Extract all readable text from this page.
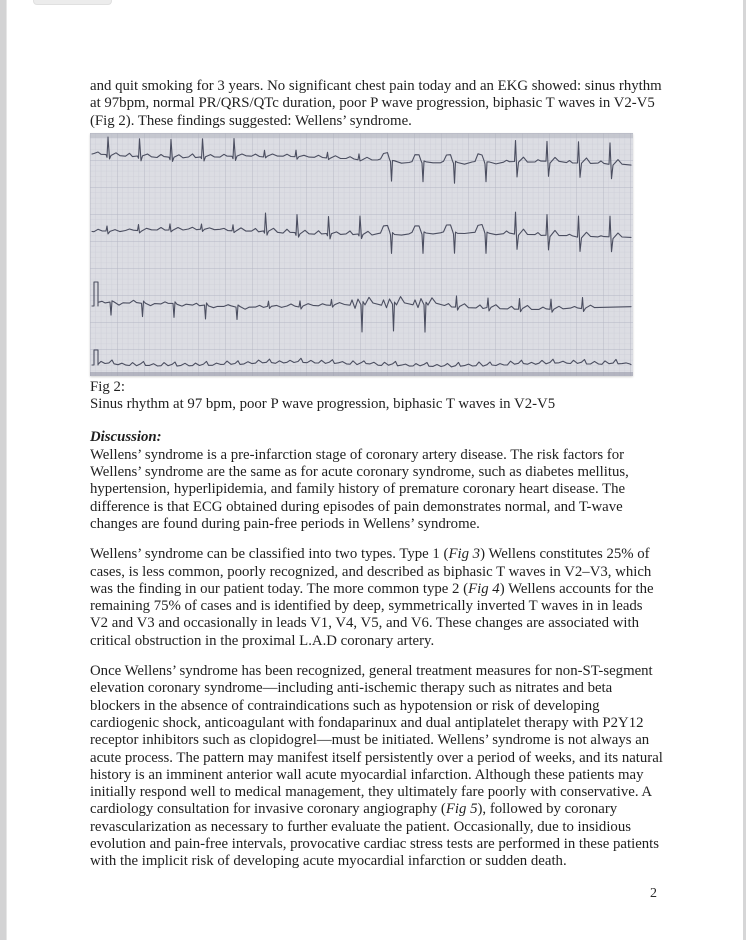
and quit smoking for 3 years. No significant chest pain today and an EKG showed: sinus rhythm at 97bpm, normal PR/QRS/QTc duration, poor P wave progression, biphasic T waves in V2-V5 (Fig 2). These findings suggested: Wellens’ syndrome.

Fig 2:
Sinus rhythm at 97 bpm, poor P wave progression, biphasic T waves in V2-V5
Discussion:

Wellens’ syndrome is a pre-infarction stage of coronary artery disease. The risk factors for Wellens’ syndrome are the same as for acute coronary syndrome, such as diabetes mellitus, hypertension, hyperlipidemia, and family history of premature coronary heart disease. The difference is that ECG obtained during episodes of pain demonstrates normal, and T-wave changes are found during pain-free periods in Wellens’ syndrome.

Wellens’ syndrome can be classified into two types. Type 1 (Fig 3) Wellens constitutes 25% of cases, is less common, poorly recognized, and described as biphasic T waves in V2–V3, which was the finding in our patient today. The more common type 2 (Fig 4) Wellens accounts for the remaining 75% of cases and is identified by deep, symmetrically inverted T waves in in leads V2 and V3 and occasionally in leads V1, V4, V5, and V6. These changes are associated with critical obstruction in the proximal L.A.D coronary artery.

Once Wellens’ syndrome has been recognized, general treatment measures for non-ST-segment elevation coronary syndrome—including anti-ischemic therapy such as nitrates and beta blockers in the absence of contraindications such as hypotension or risk of developing cardiogenic shock, anticoagulant with fondaparinux and dual antiplatelet therapy with P2Y12 receptor inhibitors such as clopidogrel—must be initiated. Wellens’ syndrome is not always an acute process. The pattern may manifest itself persistently over a period of weeks, and its natural history is an imminent anterior wall acute myocardial infarction. Although these patients may initially respond well to medical management, they ultimately fare poorly with conservative. A cardiology consultation for invasive coronary angiography (Fig 5), followed by coronary revascularization as necessary to further evaluate the patient. Occasionally, due to insidious evolution and pain-free intervals, provocative cardiac stress tests are performed in these patients with the implicit risk of developing acute myocardial infarction or sudden death.

2
